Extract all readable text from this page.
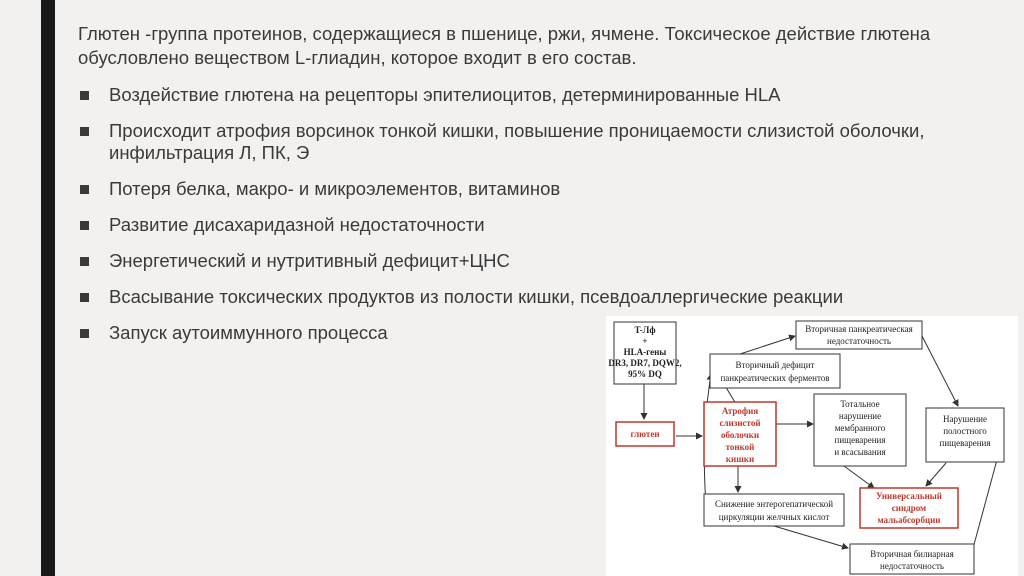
Глютен -группа протеинов, содержащиеся в пшенице, ржи, ячмене. Токсическое действие глютена обусловлено веществом L-глиадин, которое входит в его состав.

Воздействие глютена на рецепторы эпителиоцитов, детерминированные HLA
Происходит атрофия ворсинок тонкой кишки, повышение проницаемости слизистой оболочки, инфильтрация Л, ПК, Э
Потеря белка, макро- и микроэлементов, витаминов
Развитие дисахаридазной недостаточности
Энергетический и нутритивный дефицит+ЦНС
Всасывание токсических продуктов из полости кишки, псевдоаллергические реакции
Запуск аутоиммунного процесса	T-Лф
+
HLA-гены
DR3, DR7, DQW2,
95% DQ
глютен
Атрофия
слизистой
оболочки
тонкой
кишки
Вторичная панкреатическая
недостаточность
Вторичный дефицит
панкреатических ферментов
Тотальное
нарушение
мембранного
пищеварения
и всасывания
Нарушение
полостного
пищеварения
Снижение энтерогепатической
циркуляции желчных кислот
Универсальный
синдром
мальабсорбции
Вторичная билиарная
недостаточность
